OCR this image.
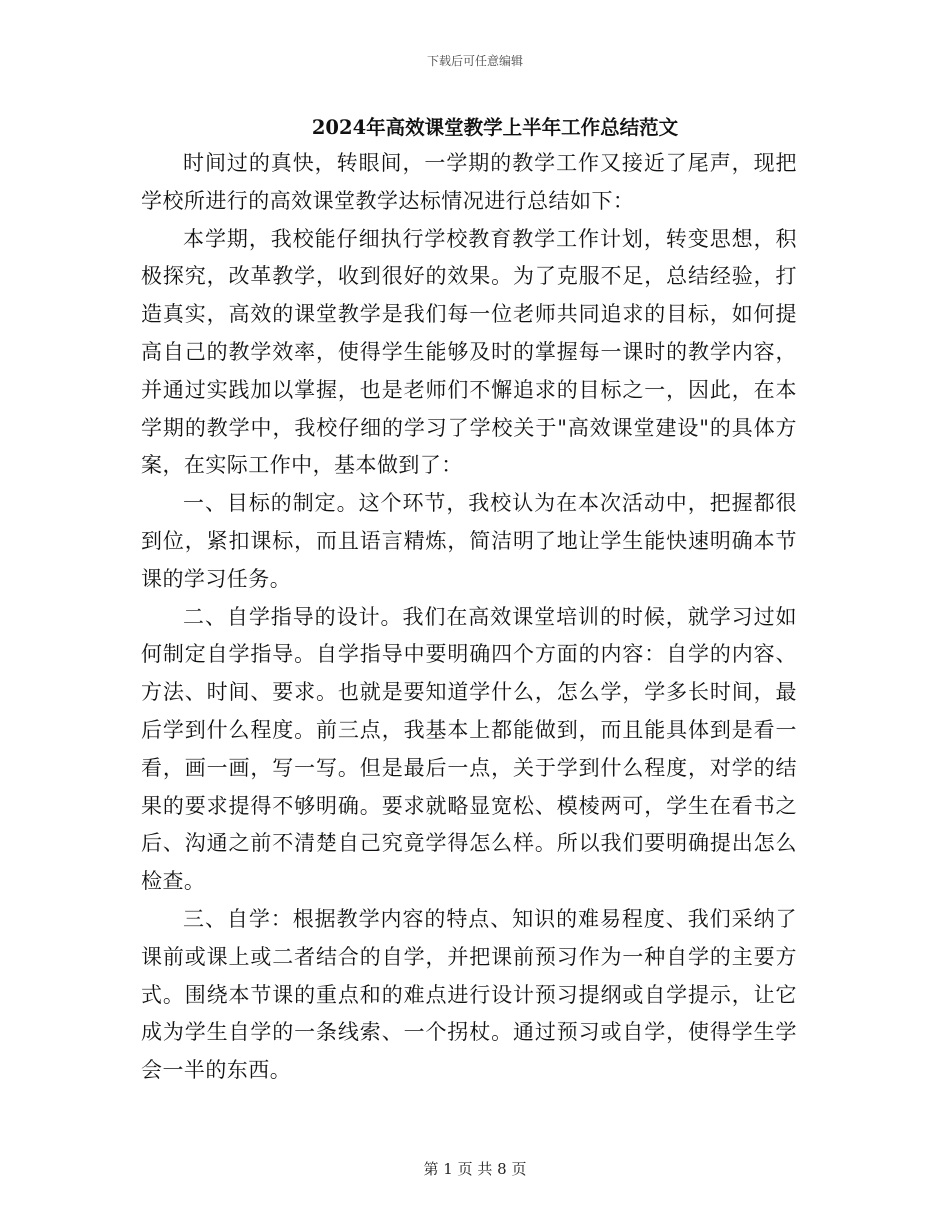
下载后可任意编辑
2024年高效课堂教学上半年工作总结范文

时间过的真快，转眼间，一学期的教学工作又接近了尾声，现把学校所进行的高效课堂教学达标情况进行总结如下：

本学期，我校能仔细执行学校教育教学工作计划，转变思想，积极探究，改革教学，收到很好的效果。为了克服不足，总结经验，打造真实，高效的课堂教学是我们每一位老师共同追求的目标，如何提高自己的教学效率，使得学生能够及时的掌握每一课时的教学内容，并通过实践加以掌握，也是老师们不懈追求的目标之一，因此，在本学期的教学中，我校仔细的学习了学校关于"高效课堂建设"的具体方案，在实际工作中，基本做到了：

一、目标的制定。这个环节，我校认为在本次活动中，把握都很到位，紧扣课标，而且语言精炼，简洁明了地让学生能快速明确本节课的学习任务。

二、自学指导的设计。我们在高效课堂培训的时候，就学习过如何制定自学指导。自学指导中要明确四个方面的内容：自学的内容、方法、时间、要求。也就是要知道学什么，怎么学，学多长时间，最后学到什么程度。前三点，我基本上都能做到，而且能具体到是看一看，画一画，写一写。但是最后一点，关于学到什么程度，对学的结果的要求提得不够明确。要求就略显宽松、模棱两可，学生在看书之后、沟通之前不清楚自己究竟学得怎么样。所以我们要明确提出怎么检查。

三、自学：根据教学内容的特点、知识的难易程度、我们采纳了课前或课上或二者结合的自学，并把课前预习作为一种自学的主要方式。围绕本节课的重点和的难点进行设计预习提纲或自学提示，让它成为学生自学的一条线索、一个拐杖。通过预习或自学，使得学生学会一半的东西。

第 1 页 共 8 页
